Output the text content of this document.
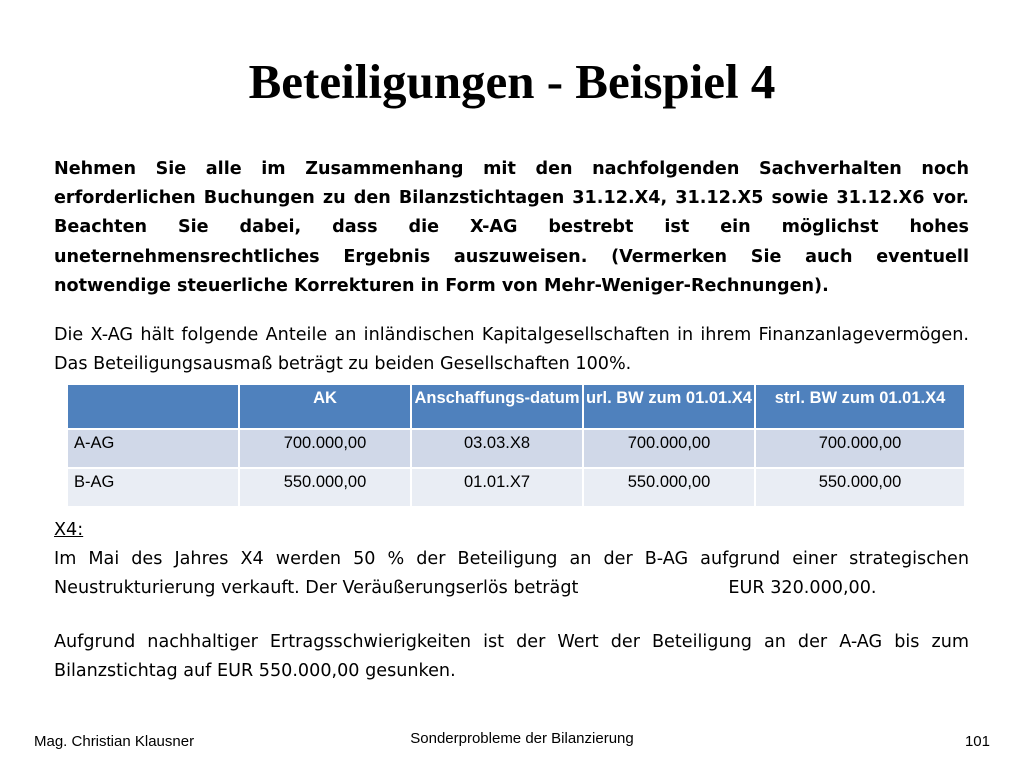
Beteiligungen - Beispiel 4

Nehmen Sie alle im Zusammenhang mit den nachfolgenden Sachverhalten noch erforderlichen Buchungen zu den Bilanzstichtagen 31.12.X4, 31.12.X5 sowie 31.12.X6 vor. Beachten Sie dabei, dass die X-AG bestrebt ist ein möglichst hohes uneternehmensrechtliches Ergebnis auszuweisen. (Vermerken Sie auch eventuell notwendige steuerliche Korrekturen in Form von Mehr-Weniger-Rechnungen).

Die X-AG hält folgende Anteile an inländischen Kapitalgesellschaften in ihrem Finanzanlagevermögen. Das Beteiligungsausmaß beträgt zu beiden Gesellschaften 100%.

	AK	Anschaffungs-datum	url. BW zum 01.01.X4	strl. BW zum 01.01.X4
A-AG	700.000,00	03.03.X8	700.000,00	700.000,00
B-AG	550.000,00	01.01.X7	550.000,00	550.000,00
X4:
Im Mai des Jahres X4 werden 50 % der Beteiligung an der B-AG aufgrund einer strategischen Neustrukturierung verkauft. Der Veräußerungserlös beträgt	EUR 320.000,00.

Aufgrund nachhaltiger Ertragsschwierigkeiten ist der Wert der Beteiligung an der A-AG bis zum Bilanzstichtag auf EUR 550.000,00 gesunken.

Mag. Christian Klausner	Sonderprobleme der Bilanzierung	101
